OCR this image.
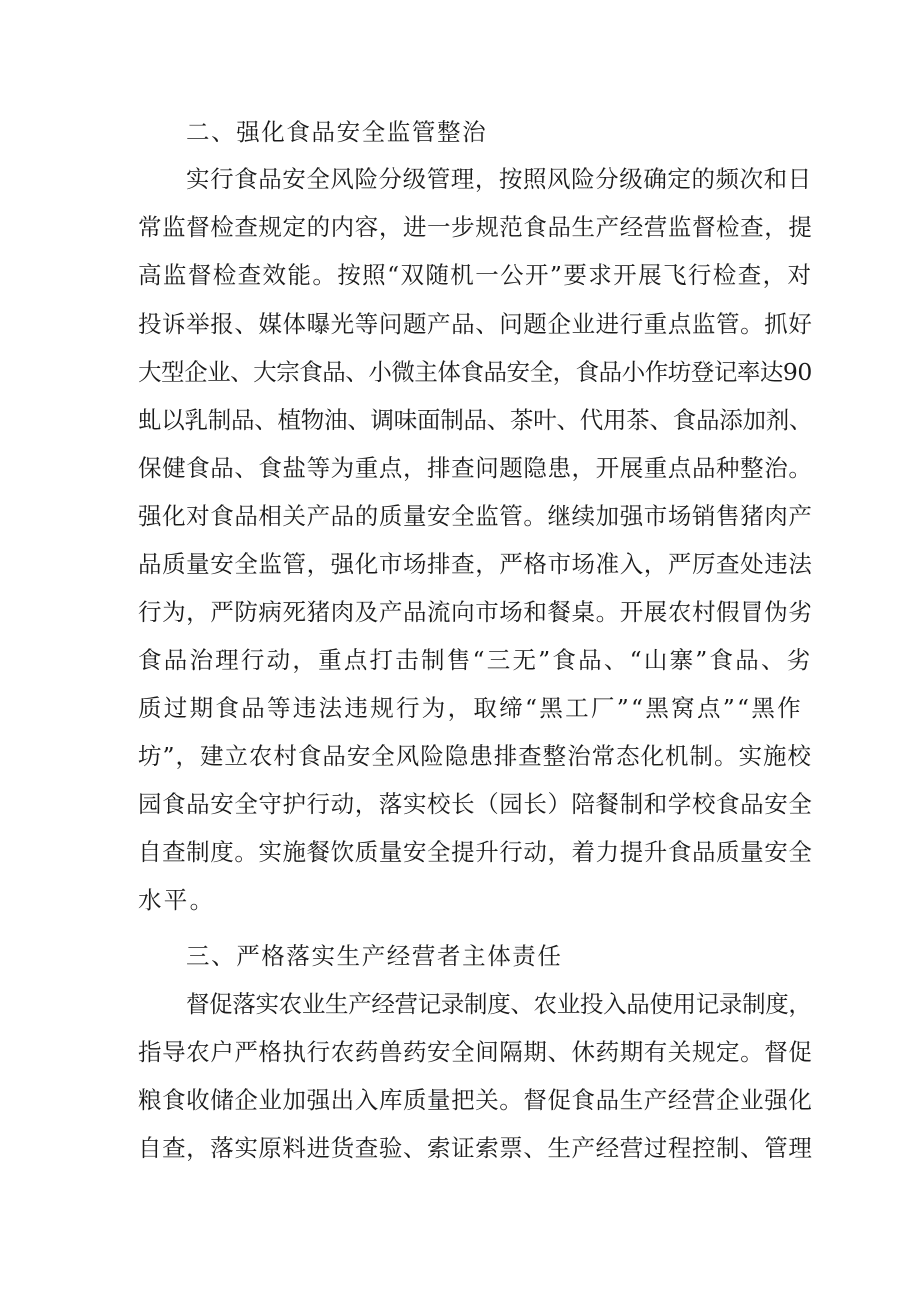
二、强化食品安全监管整治
实行食品安全风险分级管理，按照风险分级确定的频次和日
常监督检查规定的内容，进一步规范食品生产经营监督检查，提
高监督检查效能。按照“双随机一公开”要求开展飞行检查，对
投诉举报、媒体曝光等问题产品、问题企业进行重点监管。抓好
大型企业、大宗食品、小微主体食品安全，食品小作坊登记率达90
虬以乳制品、植物油、调味面制品、茶叶、代用茶、食品添加剂、
保健食品、食盐等为重点，排查问题隐患，开展重点品种整治。
强化对食品相关产品的质量安全监管。继续加强市场销售猪肉产
品质量安全监管，强化市场排查，严格市场准入，严厉查处违法
行为，严防病死猪肉及产品流向市场和餐桌。开展农村假冒伪劣
食品治理行动，重点打击制售“三无”食品、“山寨”食品、劣
质过期食品等违法违规行为，取缔“黑工厂”“黑窝点”“黑作
坊”，建立农村食品安全风险隐患排查整治常态化机制。实施校
园食品安全守护行动，落实校长（园长）陪餐制和学校食品安全
自查制度。实施餐饮质量安全提升行动，着力提升食品质量安全
水平。
三、严格落实生产经营者主体责任
督促落实农业生产经营记录制度、农业投入品使用记录制度，
指导农户严格执行农药兽药安全间隔期、休药期有关规定。督促
粮食收储企业加强出入库质量把关。督促食品生产经营企业强化
自查，落实原料进货查验、索证索票、生产经营过程控制、管理
